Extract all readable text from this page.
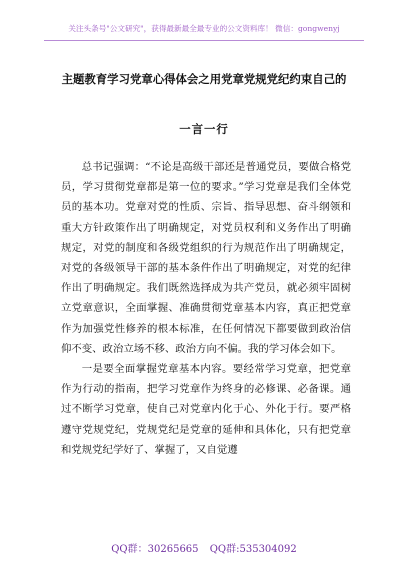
关注头条号"公文研究"，获得最新最全最专业的公文资料库！ 微信：gongwenyj
主题教育学习党章心得体会之用党章党规党纪约束自己的
一言一行

总书记强调：“不论是高级干部还是普通党员，要做合格党员，学习贯彻党章都是第一位的要求。”学习党章是我们全体党员的基本功。党章对党的性质、宗旨、指导思想、奋斗纲领和重大方针政策作出了明确规定，对党员权利和义务作出了明确规定，对党的制度和各级党组织的行为规范作出了明确规定，对党的各级领导干部的基本条件作出了明确规定，对党的纪律作出了明确规定。我们既然选择成为共产党员，就必须牢固树立党章意识，全面掌握、准确贯彻党章基本内容，真正把党章作为加强党性修养的根本标准，在任何情况下都要做到政治信仰不变、政治立场不移、政治方向不偏。我的学习体会如下。

一是要全面掌握党章基本内容。要经常学习党章，把党章作为行动的指南，把学习党章作为终身的必修课、必备课。通过不断学习党章，使自己对党章内化于心、外化于行。要严格遵守党规党纪，党规党纪是党章的延伸和具体化，只有把党章和党规党纪学好了、掌握了，又自觉遵

QQ群：30265665 QQ群:535304092
